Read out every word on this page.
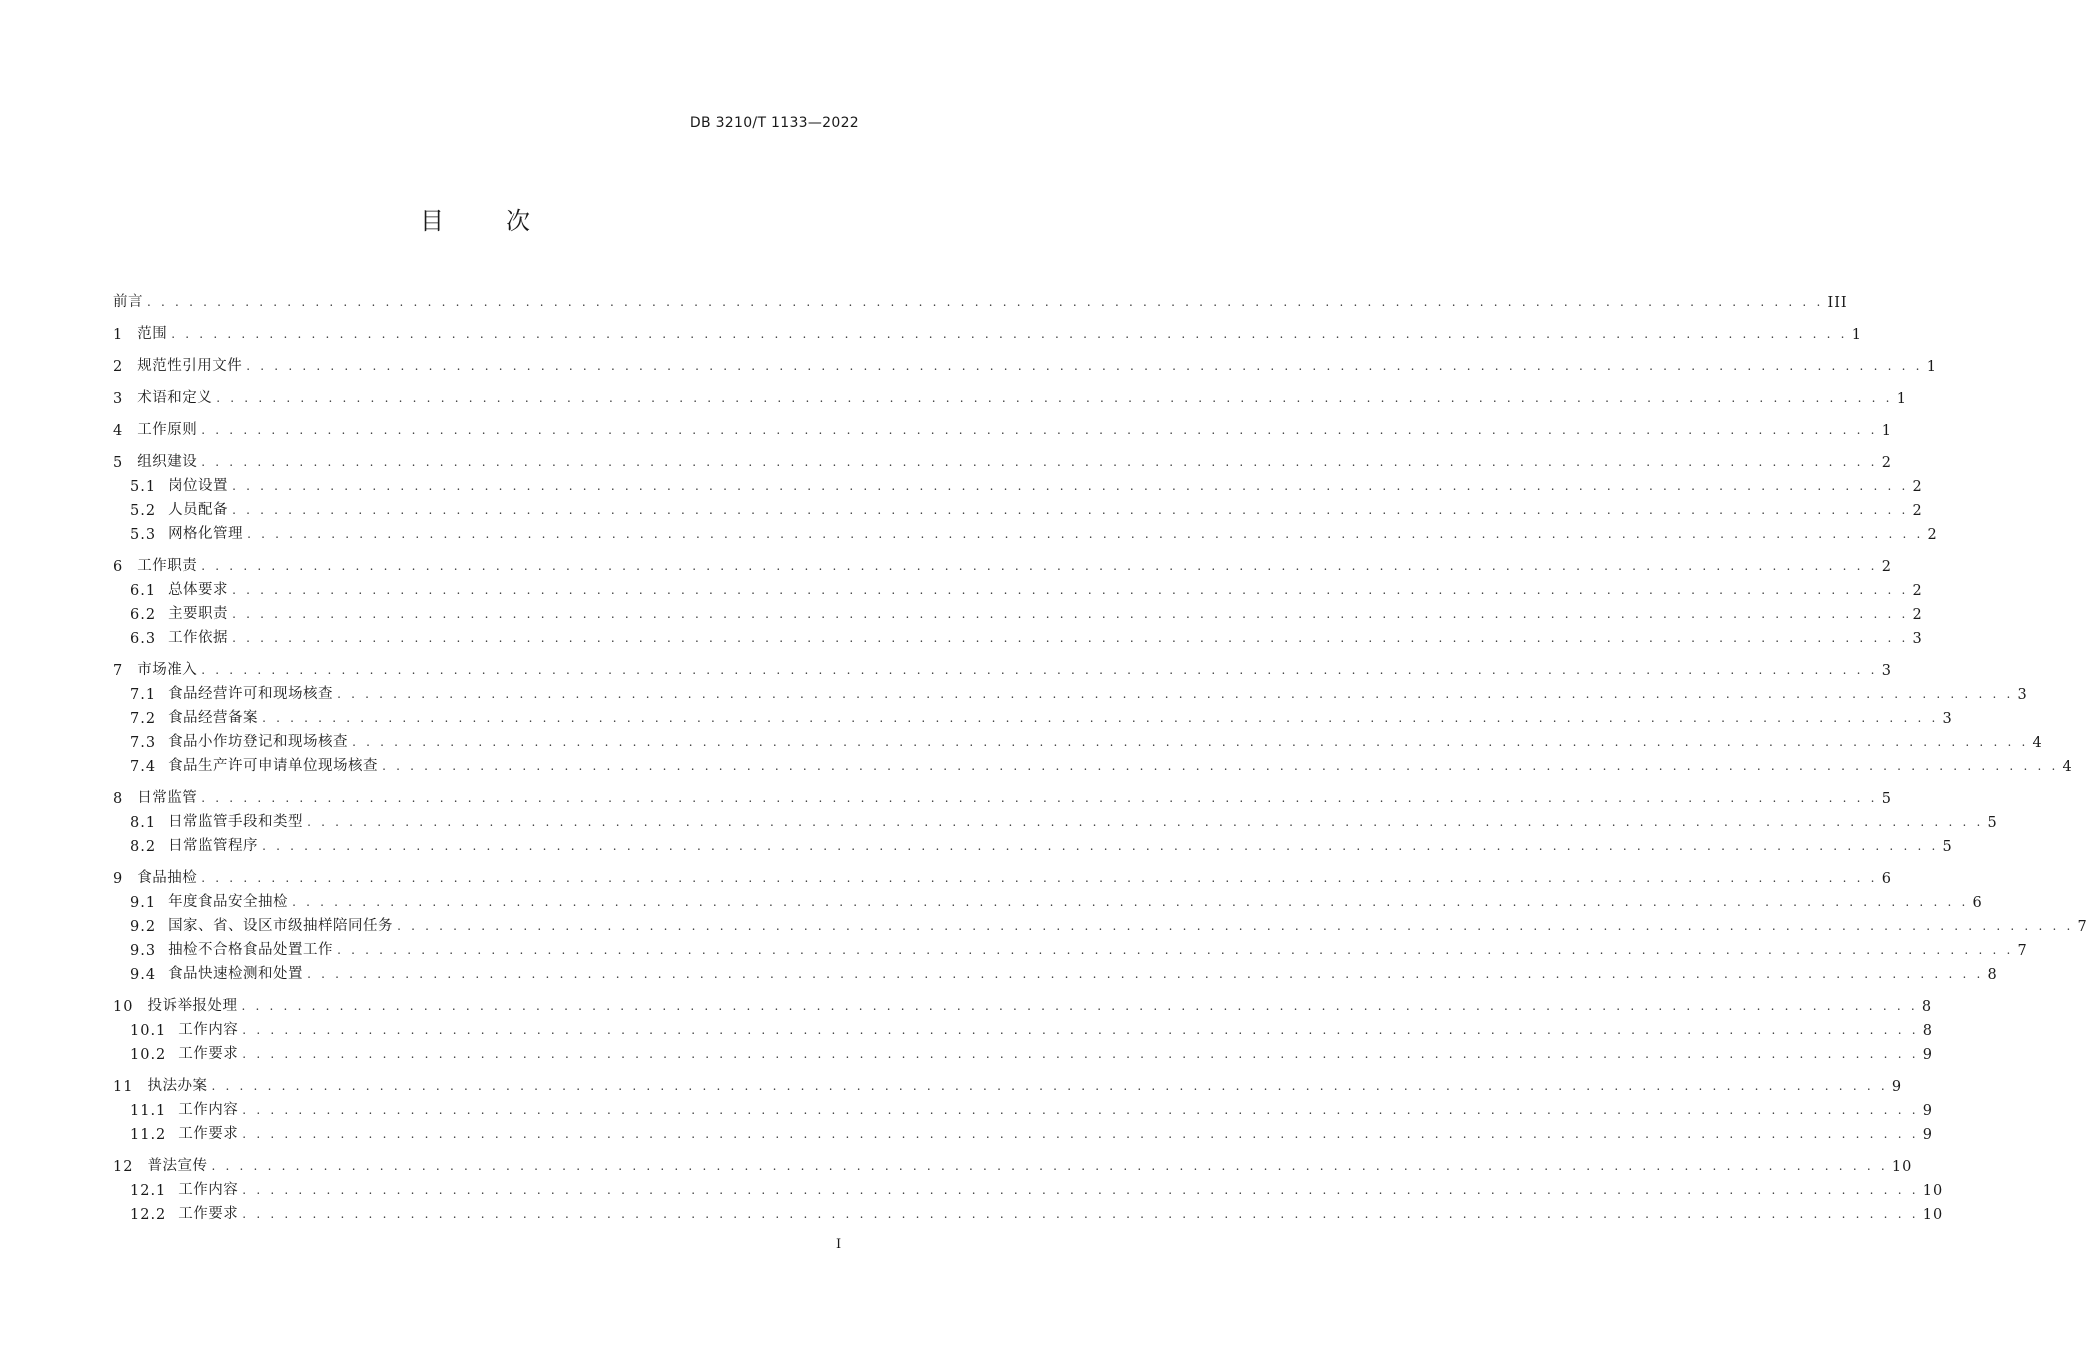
DB 3210/T 1133—2022
目	次
前言 . . . . . . . . . . . . . . . . . . . . . . . . . . . . . . . . . . . . . . . . . . . . . . . . . . . . . . . . . . . . . . . . . . . . . . . . . . . . . . . . . . . . . . . . . . . . . . . . . . . . . . . . . . . . . . . . . . . . . . . . III
1 范围 . . . . . . . . . . . . . . . . . . . . . . . . . . . . . . . . . . . . . . . . . . . . . . . . . . . . . . . . . . . . . . . . . . . . . . . . . . . . . . . . . . . . . . . . . . . . . . . . . . . . . . . . . . . . . . . . . . . . . . . . 1
2 规范性引用文件 . . . . . . . . . . . . . . . . . . . . . . . . . . . . . . . . . . . . . . . . . . . . . . . . . . . . . . . . . . . . . . . . . . . . . . . . . . . . . . . . . . . . . . . . . . . . . . . . . . . . . . . . . . . . . . . . . . . . . . . . 1
3 术语和定义 . . . . . . . . . . . . . . . . . . . . . . . . . . . . . . . . . . . . . . . . . . . . . . . . . . . . . . . . . . . . . . . . . . . . . . . . . . . . . . . . . . . . . . . . . . . . . . . . . . . . . . . . . . . . . . . . . . . . . . . . 1
4 工作原则 . . . . . . . . . . . . . . . . . . . . . . . . . . . . . . . . . . . . . . . . . . . . . . . . . . . . . . . . . . . . . . . . . . . . . . . . . . . . . . . . . . . . . . . . . . . . . . . . . . . . . . . . . . . . . . . . . . . . . . . . 1
5 组织建设 . . . . . . . . . . . . . . . . . . . . . . . . . . . . . . . . . . . . . . . . . . . . . . . . . . . . . . . . . . . . . . . . . . . . . . . . . . . . . . . . . . . . . . . . . . . . . . . . . . . . . . . . . . . . . . . . . . . . . . . . 2
5.1 岗位设置 . . . . . . . . . . . . . . . . . . . . . . . . . . . . . . . . . . . . . . . . . . . . . . . . . . . . . . . . . . . . . . . . . . . . . . . . . . . . . . . . . . . . . . . . . . . . . . . . . . . . . . . . . . . . . . . . . . . . . . . . 2
5.2 人员配备 . . . . . . . . . . . . . . . . . . . . . . . . . . . . . . . . . . . . . . . . . . . . . . . . . . . . . . . . . . . . . . . . . . . . . . . . . . . . . . . . . . . . . . . . . . . . . . . . . . . . . . . . . . . . . . . . . . . . . . . . 2
5.3 网格化管理 . . . . . . . . . . . . . . . . . . . . . . . . . . . . . . . . . . . . . . . . . . . . . . . . . . . . . . . . . . . . . . . . . . . . . . . . . . . . . . . . . . . . . . . . . . . . . . . . . . . . . . . . . . . . . . . . . . . . . . . . 2
6 工作职责 . . . . . . . . . . . . . . . . . . . . . . . . . . . . . . . . . . . . . . . . . . . . . . . . . . . . . . . . . . . . . . . . . . . . . . . . . . . . . . . . . . . . . . . . . . . . . . . . . . . . . . . . . . . . . . . . . . . . . . . . 2
6.1 总体要求 . . . . . . . . . . . . . . . . . . . . . . . . . . . . . . . . . . . . . . . . . . . . . . . . . . . . . . . . . . . . . . . . . . . . . . . . . . . . . . . . . . . . . . . . . . . . . . . . . . . . . . . . . . . . . . . . . . . . . . . . 2
6.2 主要职责 . . . . . . . . . . . . . . . . . . . . . . . . . . . . . . . . . . . . . . . . . . . . . . . . . . . . . . . . . . . . . . . . . . . . . . . . . . . . . . . . . . . . . . . . . . . . . . . . . . . . . . . . . . . . . . . . . . . . . . . . 2
6.3 工作依据 . . . . . . . . . . . . . . . . . . . . . . . . . . . . . . . . . . . . . . . . . . . . . . . . . . . . . . . . . . . . . . . . . . . . . . . . . . . . . . . . . . . . . . . . . . . . . . . . . . . . . . . . . . . . . . . . . . . . . . . . 3
7 市场准入 . . . . . . . . . . . . . . . . . . . . . . . . . . . . . . . . . . . . . . . . . . . . . . . . . . . . . . . . . . . . . . . . . . . . . . . . . . . . . . . . . . . . . . . . . . . . . . . . . . . . . . . . . . . . . . . . . . . . . . . . 3
7.1 食品经营许可和现场核查 . . . . . . . . . . . . . . . . . . . . . . . . . . . . . . . . . . . . . . . . . . . . . . . . . . . . . . . . . . . . . . . . . . . . . . . . . . . . . . . . . . . . . . . . . . . . . . . . . . . . . . . . . . . . . . . . . . . . . . . . 3
7.2 食品经营备案 . . . . . . . . . . . . . . . . . . . . . . . . . . . . . . . . . . . . . . . . . . . . . . . . . . . . . . . . . . . . . . . . . . . . . . . . . . . . . . . . . . . . . . . . . . . . . . . . . . . . . . . . . . . . . . . . . . . . . . . . 3
7.3 食品小作坊登记和现场核查 . . . . . . . . . . . . . . . . . . . . . . . . . . . . . . . . . . . . . . . . . . . . . . . . . . . . . . . . . . . . . . . . . . . . . . . . . . . . . . . . . . . . . . . . . . . . . . . . . . . . . . . . . . . . . . . . . . . . . . . . 4
7.4 食品生产许可申请单位现场核查 . . . . . . . . . . . . . . . . . . . . . . . . . . . . . . . . . . . . . . . . . . . . . . . . . . . . . . . . . . . . . . . . . . . . . . . . . . . . . . . . . . . . . . . . . . . . . . . . . . . . . . . . . . . . . . . . . . . . . . . . 4
8 日常监管 . . . . . . . . . . . . . . . . . . . . . . . . . . . . . . . . . . . . . . . . . . . . . . . . . . . . . . . . . . . . . . . . . . . . . . . . . . . . . . . . . . . . . . . . . . . . . . . . . . . . . . . . . . . . . . . . . . . . . . . . 5
8.1 日常监管手段和类型 . . . . . . . . . . . . . . . . . . . . . . . . . . . . . . . . . . . . . . . . . . . . . . . . . . . . . . . . . . . . . . . . . . . . . . . . . . . . . . . . . . . . . . . . . . . . . . . . . . . . . . . . . . . . . . . . . . . . . . . . 5
8.2 日常监管程序 . . . . . . . . . . . . . . . . . . . . . . . . . . . . . . . . . . . . . . . . . . . . . . . . . . . . . . . . . . . . . . . . . . . . . . . . . . . . . . . . . . . . . . . . . . . . . . . . . . . . . . . . . . . . . . . . . . . . . . . . 5
9 食品抽检 . . . . . . . . . . . . . . . . . . . . . . . . . . . . . . . . . . . . . . . . . . . . . . . . . . . . . . . . . . . . . . . . . . . . . . . . . . . . . . . . . . . . . . . . . . . . . . . . . . . . . . . . . . . . . . . . . . . . . . . . 6
9.1 年度食品安全抽检 . . . . . . . . . . . . . . . . . . . . . . . . . . . . . . . . . . . . . . . . . . . . . . . . . . . . . . . . . . . . . . . . . . . . . . . . . . . . . . . . . . . . . . . . . . . . . . . . . . . . . . . . . . . . . . . . . . . . . . . . 6
9.2 国家、省、设区市级抽样陪同任务 . . . . . . . . . . . . . . . . . . . . . . . . . . . . . . . . . . . . . . . . . . . . . . . . . . . . . . . . . . . . . . . . . . . . . . . . . . . . . . . . . . . . . . . . . . . . . . . . . . . . . . . . . . . . . . . . . . . . . . . . 7
9.3 抽检不合格食品处置工作 . . . . . . . . . . . . . . . . . . . . . . . . . . . . . . . . . . . . . . . . . . . . . . . . . . . . . . . . . . . . . . . . . . . . . . . . . . . . . . . . . . . . . . . . . . . . . . . . . . . . . . . . . . . . . . . . . . . . . . . . 7
9.4 食品快速检测和处置 . . . . . . . . . . . . . . . . . . . . . . . . . . . . . . . . . . . . . . . . . . . . . . . . . . . . . . . . . . . . . . . . . . . . . . . . . . . . . . . . . . . . . . . . . . . . . . . . . . . . . . . . . . . . . . . . . . . . . . . . 8
10 投诉举报处理 . . . . . . . . . . . . . . . . . . . . . . . . . . . . . . . . . . . . . . . . . . . . . . . . . . . . . . . . . . . . . . . . . . . . . . . . . . . . . . . . . . . . . . . . . . . . . . . . . . . . . . . . . . . . . . . . . . . . . . . . 8
10.1 工作内容 . . . . . . . . . . . . . . . . . . . . . . . . . . . . . . . . . . . . . . . . . . . . . . . . . . . . . . . . . . . . . . . . . . . . . . . . . . . . . . . . . . . . . . . . . . . . . . . . . . . . . . . . . . . . . . . . . . . . . . . . 8
10.2 工作要求 . . . . . . . . . . . . . . . . . . . . . . . . . . . . . . . . . . . . . . . . . . . . . . . . . . . . . . . . . . . . . . . . . . . . . . . . . . . . . . . . . . . . . . . . . . . . . . . . . . . . . . . . . . . . . . . . . . . . . . . . 9
11 执法办案 . . . . . . . . . . . . . . . . . . . . . . . . . . . . . . . . . . . . . . . . . . . . . . . . . . . . . . . . . . . . . . . . . . . . . . . . . . . . . . . . . . . . . . . . . . . . . . . . . . . . . . . . . . . . . . . . . . . . . . . . 9
11.1 工作内容 . . . . . . . . . . . . . . . . . . . . . . . . . . . . . . . . . . . . . . . . . . . . . . . . . . . . . . . . . . . . . . . . . . . . . . . . . . . . . . . . . . . . . . . . . . . . . . . . . . . . . . . . . . . . . . . . . . . . . . . . 9
11.2 工作要求 . . . . . . . . . . . . . . . . . . . . . . . . . . . . . . . . . . . . . . . . . . . . . . . . . . . . . . . . . . . . . . . . . . . . . . . . . . . . . . . . . . . . . . . . . . . . . . . . . . . . . . . . . . . . . . . . . . . . . . . . 9
12 普法宣传 . . . . . . . . . . . . . . . . . . . . . . . . . . . . . . . . . . . . . . . . . . . . . . . . . . . . . . . . . . . . . . . . . . . . . . . . . . . . . . . . . . . . . . . . . . . . . . . . . . . . . . . . . . . . . . . . . . . . . . . . 10
12.1 工作内容 . . . . . . . . . . . . . . . . . . . . . . . . . . . . . . . . . . . . . . . . . . . . . . . . . . . . . . . . . . . . . . . . . . . . . . . . . . . . . . . . . . . . . . . . . . . . . . . . . . . . . . . . . . . . . . . . . . . . . . . . 10
12.2 工作要求 . . . . . . . . . . . . . . . . . . . . . . . . . . . . . . . . . . . . . . . . . . . . . . . . . . . . . . . . . . . . . . . . . . . . . . . . . . . . . . . . . . . . . . . . . . . . . . . . . . . . . . . . . . . . . . . . . . . . . . . . 10
I
